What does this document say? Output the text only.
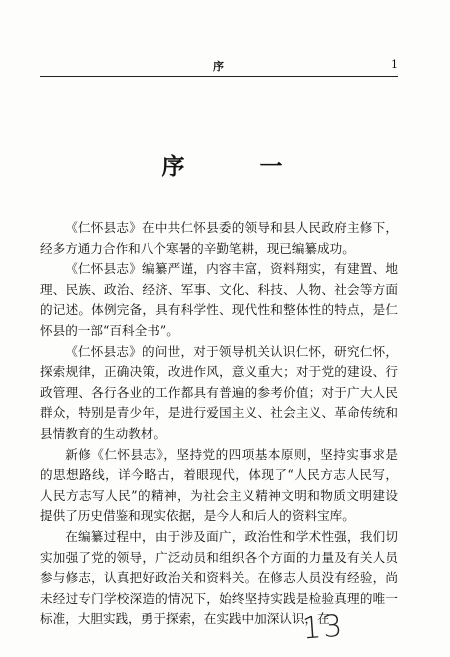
序	1
序　一

《仁怀县志》在中共仁怀县委的领导和县人民政府主修下，经多方通力合作和八个寒暑的辛勤笔耕，现已编纂成功。

《仁怀县志》编纂严谨，内容丰富，资料翔实，有建置、地理、民族、政治、经济、军事、文化、科技、人物、社会等方面的记述。体例完备，具有科学性、现代性和整体性的特点，是仁怀县的一部“百科全书”。

《仁怀县志》的问世，对于领导机关认识仁怀，研究仁怀，探索规律，正确决策，改进作风，意义重大；对于党的建设、行政管理、各行各业的工作都具有普遍的参考价值；对于广大人民群众，特别是青少年，是进行爱国主义、社会主义、革命传统和县情教育的生动教材。

新修《仁怀县志》，坚持党的四项基本原则，坚持实事求是的思想路线，详今略古，着眼现代，体现了“人民方志人民写，人民方志写人民”的精神，为社会主义精神文明和物质文明建设提供了历史借鉴和现实依据，是今人和后人的资料宝库。

在编纂过程中，由于涉及面广，政治性和学术性强，我们切实加强了党的领导，广泛动员和组织各个方面的力量及有关人员参与修志，认真把好政治关和资料关。在修志人员没有经验，尚未经过专门学校深造的情况下，始终坚持实践是检验真理的唯一标准，大胆实践，勇于探索，在实践中加深认识，在

13
